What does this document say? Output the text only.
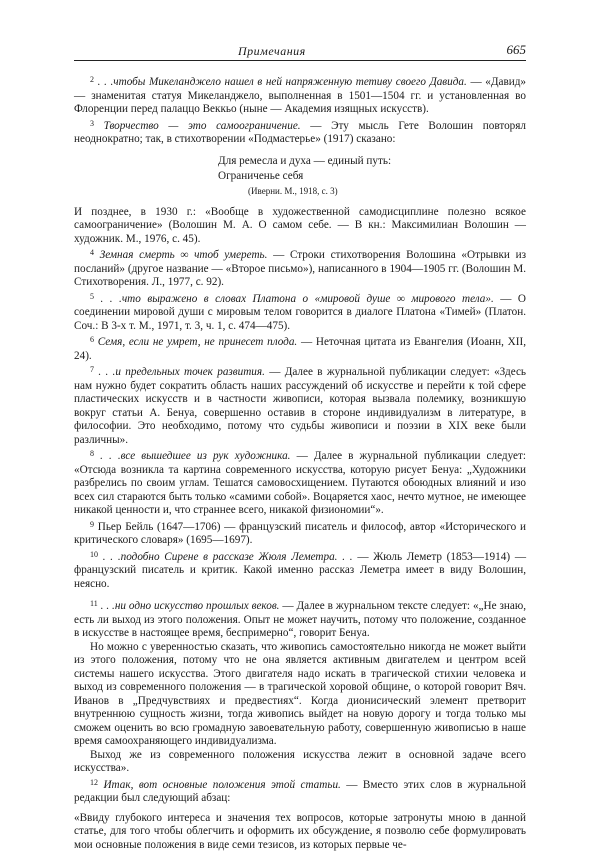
Примечания	665

$^2$ . . .чтобы Микеланджело нашел в ней напряженную тетиву своего Давида. — «Давид» — знаменитая статуя Микеланджело, выполненная в 1501—1504 гг. и установленная во Флоренции перед палаццо Веккьо (ныне — Академия изящных искусств).

$^3$ Творчество — это самоограничение. — Эту мысль Гете Волошин повторял неоднократно; так, в стихотворении «Подмастерье» (1917) сказано:

Для ремесла и духа — единый путь:
Ограниченье себя
(Иверни. М., 1918, с. 3)

И позднее, в 1930 г.: «Вообще в художественной самодисциплине полезно всякое самоограничение» (Волошин М. А. О самом себе. — В кн.: Максимилиан Волошин — художник. М., 1976, с. 45).

$^4$ Земная смерть ∞ чтоб умереть. — Строки стихотворения Волошина «Отрывки из посланий» (другое название — «Второе письмо»), написанного в 1904—1905 гг. (Волошин М. Стихотворения. Л., 1977, с. 92).

$^5$ . . .что выражено в словах Платона о «мировой душе ∞ мирового тела». — О соединении мировой души с мировым телом говорится в диалоге Платона «Тимей» (Платон. Соч.: В 3-х т. М., 1971, т. 3, ч. 1, с. 474—475).

$^6$ Семя, если не умрет, не принесет плода. — Неточная цитата из Евангелия (Иоанн, XII, 24).

$^7$ . . .и предельных точек развития. — Далее в журнальной публикации следует: «Здесь нам нужно будет сократить область наших рассуждений об искусстве и перейти к той сфере пластических искусств и в частности живописи, которая вызвала полемику, возникшую вокруг статьи А. Бенуа, совершенно оставив в стороне индивидуализм в литературе, в философии. Это необходимо, потому что судьбы живописи и поэзии в XIX веке были различны».

$^8$ . . .все вышедшее из рук художника. — Далее в журнальной публикации следует: «Отсюда возникла та картина современного искусства, которую рисует Бенуа: „Художники разбрелись по своим углам. Тешатся самовосхищением. Путаются обоюдных влияний и изо всех сил стараются быть только «самими собой». Воцаряется хаос, нечто мутное, не имеющее никакой ценности и, что страннее всего, никакой физиономии“».

$^9$ Пьер Бейль (1647—1706) — французский писатель и философ, автор «Исторического и критического словаря» (1695—1697).

$^{10}$ . . .подобно Сирене в рассказе Жюля Леметра. . . — Жюль Леметр (1853—1914) — французский писатель и критик. Какой именно рассказ Леметра имеет в виду Волошин, неясно.

$^{11}$ . . .ни одно искусство прошлых веков. — Далее в журнальном тексте следует: «„Не знаю, есть ли выход из этого положения. Опыт не может научить, потому что положение, созданное в искусстве в настоящее время, беспримерно“, говорит Бенуа.

Но можно с уверенностью сказать, что живопись самостоятельно никогда не может выйти из этого положения, потому что не она является активным двигателем и центром всей системы нашего искусства. Этого двигателя надо искать в трагической стихии человека и выход из современного положения — в трагической хоровой общине, о которой говорит Вяч. Иванов в „Предчувствиях и предвестиях“. Когда дионисический элемент претворит внутреннюю сущность жизни, тогда живопись выйдет на новую дорогу и тогда только мы сможем оценить во всю громадную завоевательную работу, совершенную живописью в наше время самоохраняющего индивидуализма.

Выход же из современного положения искусства лежит в основной задаче всего искусства».

$^{12}$ Итак, вот основные положения этой статьи. — Вместо этих слов в журнальной редакции был следующий абзац:

«Ввиду глубокого интереса и значения тех вопросов, которые затронуты мною в данной статье, для того чтобы облегчить и оформить их обсуждение, я позволю себе формулировать мои основные положения в виде семи тезисов, из которых первые че-
